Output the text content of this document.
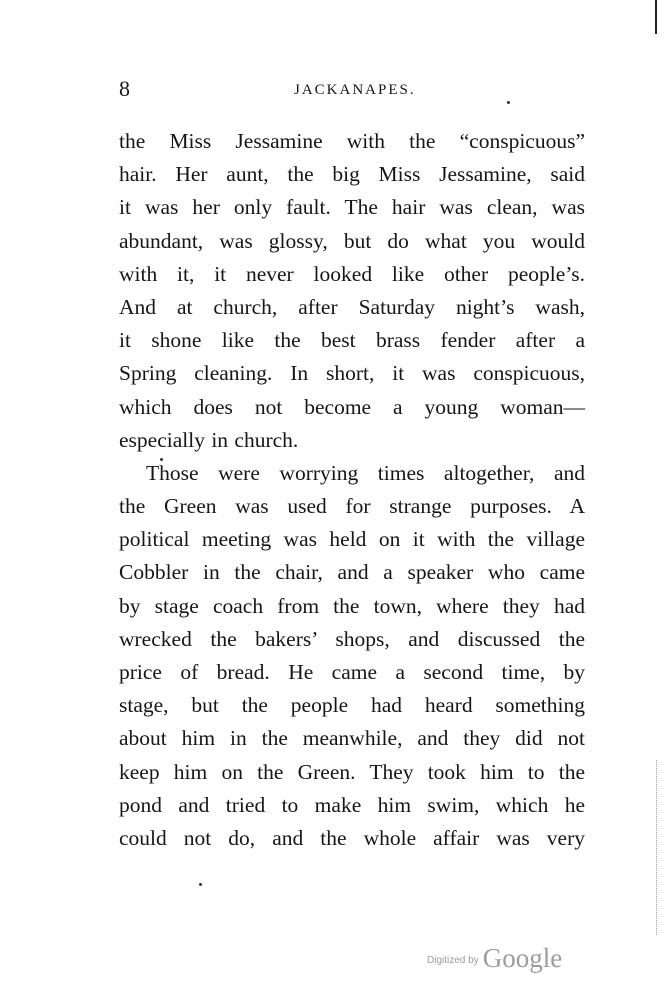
8	JACKANAPES.
the Miss Jessamine with the “conspicuous”
hair. Her aunt, the big Miss Jessamine, said
it was her only fault. The hair was clean, was
abundant, was glossy, but do what you would
with it, it never looked like other people’s.
And at church, after Saturday night’s wash,
it shone like the best brass fender after a
Spring cleaning. In short, it was conspicuous,
which does not become a young woman—
especially in church.
Those were worrying times altogether, and
the Green was used for strange purposes. A
political meeting was held on it with the village
Cobbler in the chair, and a speaker who came
by stage coach from the town, where they had
wrecked the bakers’ shops, and discussed the
price of bread. He came a second time, by
stage, but the people had heard something
about him in the meanwhile, and they did not
keep him on the Green. They took him to the
pond and tried to make him swim, which he
could not do, and the whole affair was very
$^{Digitized by}$ Google
